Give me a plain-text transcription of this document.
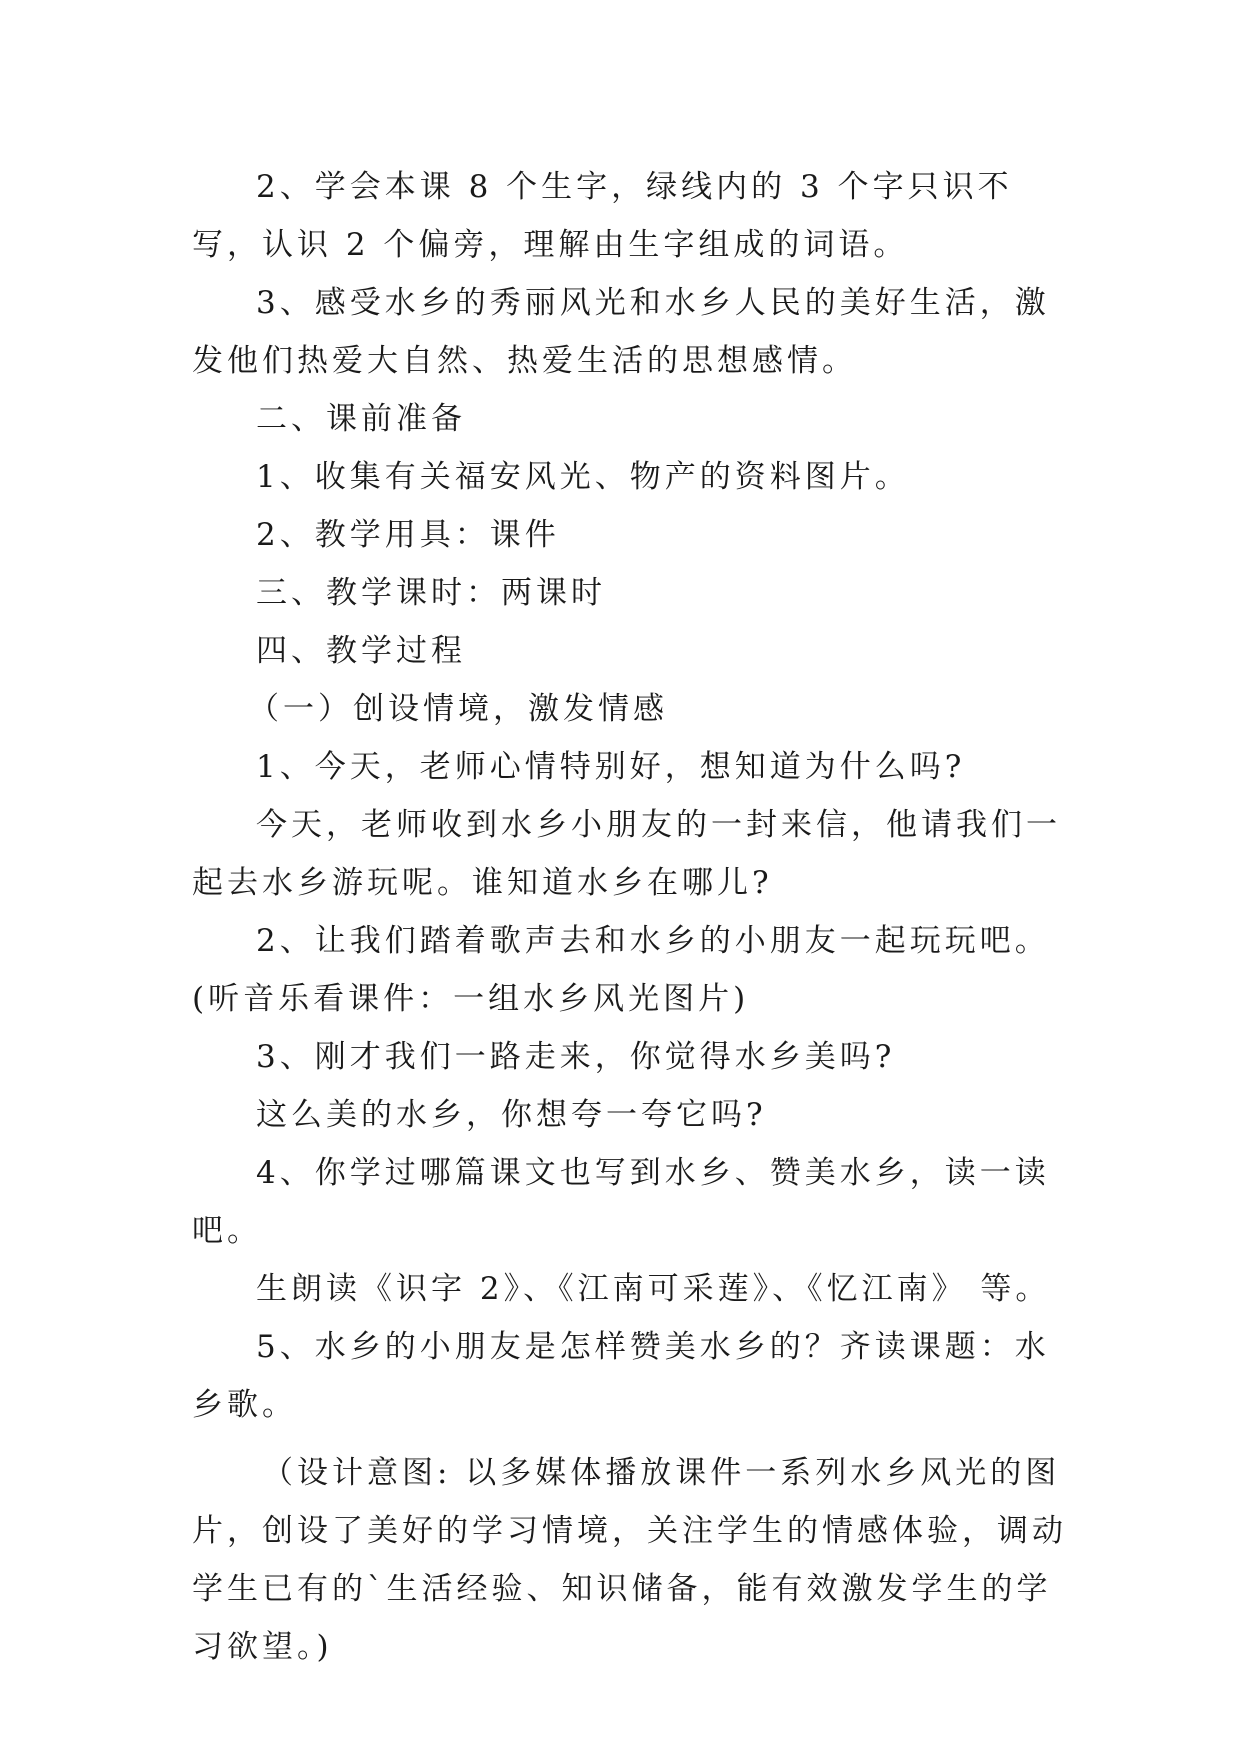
2、学会本课 8 个生字，绿线内的 3 个字只识不写，认识 2 个偏旁，理解由生字组成的词语。

3、感受水乡的秀丽风光和水乡人民的美好生活，激发他们热爱大自然、热爱生活的思想感情。

二、课前准备

1、收集有关福安风光、物产的资料图片。

2、教学用具：课件

三、教学课时：两课时

四、教学过程

（一）创设情境，激发情感

1、今天，老师心情特别好，想知道为什么吗?

今天，老师收到水乡小朋友的一封来信，他请我们一起去水乡游玩呢。谁知道水乡在哪儿?

2、让我们踏着歌声去和水乡的小朋友一起玩玩吧。(听音乐看课件：一组水乡风光图片)

3、刚才我们一路走来，你觉得水乡美吗?

这么美的水乡，你想夸一夸它吗?

4、你学过哪篇课文也写到水乡、赞美水乡，读一读吧。

生朗读《识字 2》、《江南可采莲》、《忆江南》 等。

5、水乡的小朋友是怎样赞美水乡的？齐读课题：水乡歌。

（设计意图: 以多媒体播放课件一系列水乡风光的图片，创设了美好的学习情境，关注学生的情感体验，调动学生已有的`生活经验、知识储备，能有效激发学生的学习欲望。)
